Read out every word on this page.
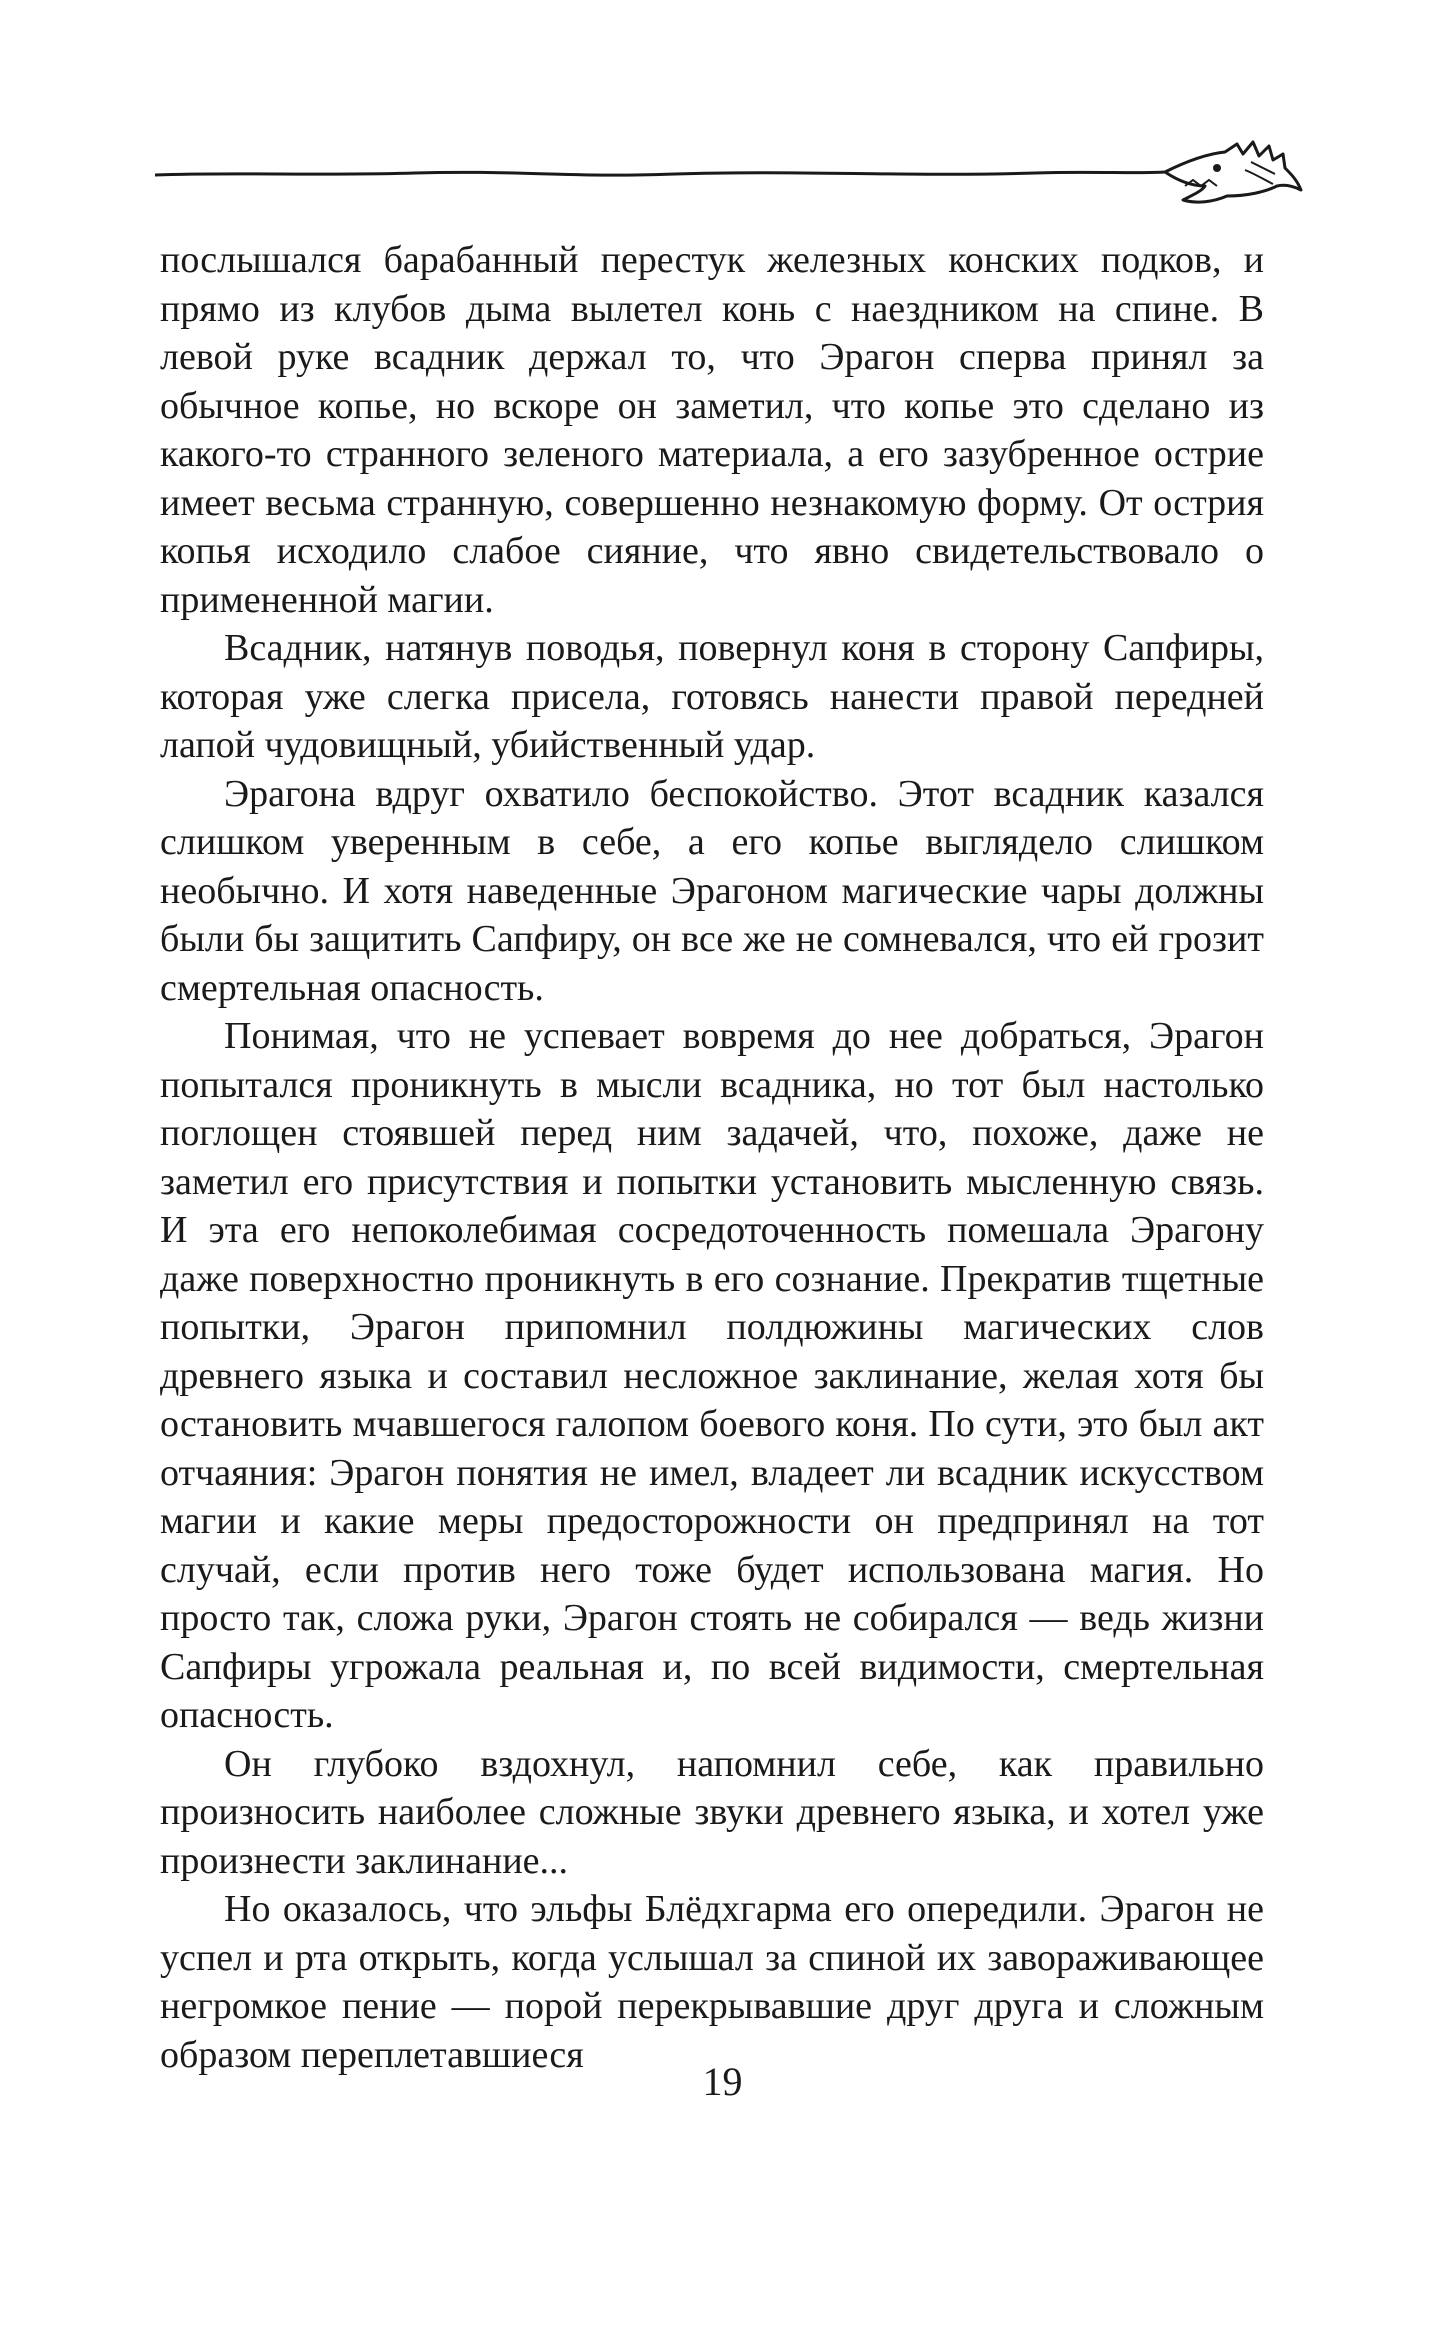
послышался барабанный перестук железных конских подков, и прямо из клубов дыма вылетел конь с наездником на спине. В левой руке всадник держал то, что Эрагон сперва принял за обычное копье, но вскоре он заметил, что копье это сделано из какого-то странного зеленого материала, а его зазубренное острие имеет весьма странную, совершенно незнакомую форму. От острия копья исходило слабое сияние, что явно свидетельствовало о примененной магии.

Всадник, натянув поводья, повернул коня в сторону Сапфиры, которая уже слегка присела, готовясь нанести правой передней лапой чудовищный, убийственный удар.

Эрагона вдруг охватило беспокойство. Этот всадник казался слишком уверенным в себе, а его копье выглядело слишком необычно. И хотя наведенные Эрагоном магические чары должны были бы защитить Сапфиру, он все же не сомневался, что ей грозит смертельная опасность.

Понимая, что не успевает вовремя до нее добраться, Эрагон попытался проникнуть в мысли всадника, но тот был настолько поглощен стоявшей перед ним задачей, что, похоже, даже не заметил его присутствия и попытки установить мысленную связь. И эта его непоколебимая сосредоточенность помешала Эрагону даже поверхностно проникнуть в его сознание. Прекратив тщетные попытки, Эрагон припомнил полдюжины магических слов древнего языка и составил несложное заклинание, желая хотя бы остановить мчавшегося галопом боевого коня. По сути, это был акт отчаяния: Эрагон понятия не имел, владеет ли всадник искусством магии и какие меры предосторожности он предпринял на тот случай, если против него тоже будет использована магия. Но просто так, сложа руки, Эрагон стоять не собирался — ведь жизни Сапфиры угрожала реальная и, по всей видимости, смертельная опасность.

Он глубоко вздохнул, напомнил себе, как правильно произносить наиболее сложные звуки древнего языка, и хотел уже произнести заклинание...

Но оказалось, что эльфы Блёдхгарма его опередили. Эрагон не успел и рта открыть, когда услышал за спиной их завораживающее негромкое пение — порой перекрывавшие друг друга и сложным образом переплетавшиеся

19
